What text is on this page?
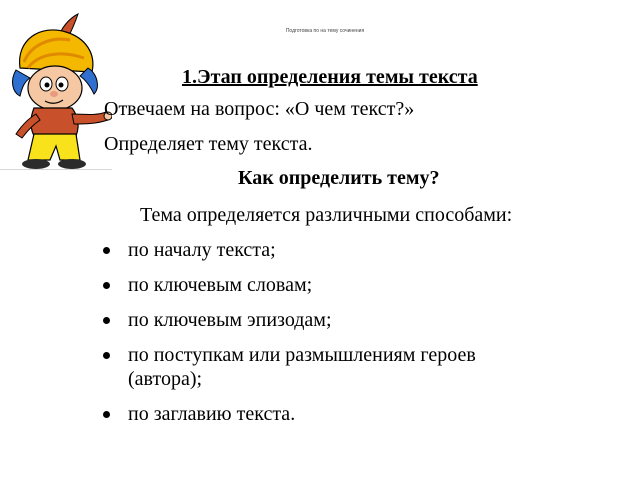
Подготовка по на тему сочинения
1.Этап определения темы текста
Отвечаем на вопрос: «О чем текст?»
Определяет тему текста.
Как определить тему?
Тема определяется различными способами:
по началу текста;
по ключевым словам;
по ключевым эпизодам;
по поступкам или размышлениям героев
(автора);
по заглавию текста.
